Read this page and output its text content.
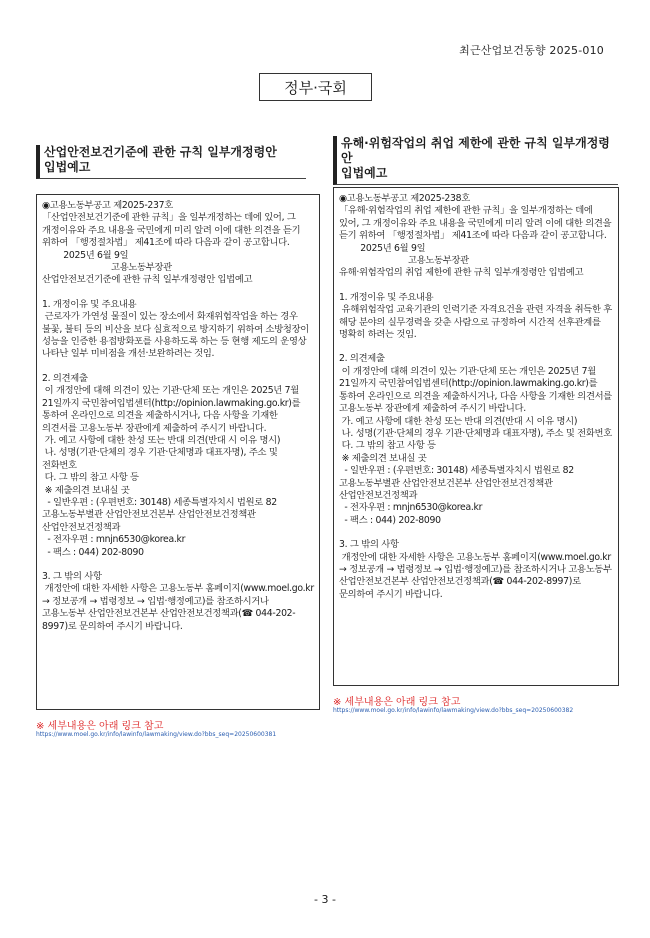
최근산업보건동향 2025-010
정부·국회
산업안전보건기준에 관한 규칙 일부개정령안
입법예고

◉고용노동부공고 제2025-237호

「산업안전보건기준에 관한 규칙」을 일부개정하는 데에 있어, 그 개정이유와 주요 내용을 국민에게 미리 알려 이에 대한 의견을 듣기 위하여 「행정절차법」 제41조에 따라 다음과 같이 공고합니다.

2025년 6월 9일

고용노동부장관

산업안전보건기준에 관한 규칙 일부개정령안 입법예고

1. 개정이유 및 주요내용

근로자가 가연성 물질이 있는 장소에서 화재위험작업을 하는 경우 불꽃, 불티 등의 비산을 보다 실효적으로 방지하기 위하여 소방청장이 성능을 인증한 용접방화포를 사용하도록 하는 등 현행 제도의 운영상 나타난 일부 미비점을 개선·보완하려는 것임.

2. 의견제출

이 개정안에 대해 의견이 있는 기관·단체 또는 개인은 2025년 7월 21일까지 국민참여입법센터(http://opinion.lawmaking.go.kr)를 통하여 온라인으로 의견을 제출하시거나, 다음 사항을 기재한 의견서를 고용노동부 장관에게 제출하여 주시기 바랍니다.

가. 예고 사항에 대한 찬성 또는 반대 의견(반대 시 이유 명시)

나. 성명(기관·단체의 경우 기관·단체명과 대표자명), 주소 및 전화번호

다. 그 밖의 참고 사항 등

※ 제출의견 보내실 곳

- 일반우편 : (우편번호: 30148) 세종특별자치시 법원로 82 고용노동부별관 산업안전보건본부 산업안전보건정책관 산업안전보건정책과

- 전자우편 : mnjn6530@korea.kr

- 팩스 : 044) 202-8090

3. 그 밖의 사항

개정안에 대한 자세한 사항은 고용노동부 홈페이지(www.moel.go.kr → 정보공개 → 법령정보 → 입법·행정예고)를 참조하시거나 고용노동부 산업안전보건본부 산업안전보건정책과(☎ 044-202-8997)로 문의하여 주시기 바랍니다.

※ 세부내용은 아래 링크 참고
https://www.moel.go.kr/info/lawinfo/lawmaking/view.do?bbs_seq=20250600381
유해·위험작업의 취업 제한에 관한 규칙 일부개정령안
입법예고

◉고용노동부공고 제2025-238호

「유해·위험작업의 취업 제한에 관한 규칙」을 일부개정하는 데에 있어, 그 개정이유와 주요 내용을 국민에게 미리 알려 이에 대한 의견을 듣기 위하여 「행정절차법」 제41조에 따라 다음과 같이 공고합니다.

2025년 6월 9일

고용노동부장관

유해·위험작업의 취업 제한에 관한 규칙 일부개정령안 입법예고

1. 개정이유 및 주요내용

유해위험작업 교육기관의 인력기준 자격요건을 관련 자격을 취득한 후 해당 분야의 실무경력을 갖춘 사람으로 규정하여 시간적 선후관계를 명확히 하려는 것임.

2. 의견제출

이 개정안에 대해 의견이 있는 기관·단체 또는 개인은 2025년 7월 21일까지 국민참여입법센터(http://opinion.lawmaking.go.kr)를 통하여 온라인으로 의견을 제출하시거나, 다음 사항을 기재한 의견서를 고용노동부 장관에게 제출하여 주시기 바랍니다.

가. 예고 사항에 대한 찬성 또는 반대 의견(반대 시 이유 명시)

나. 성명(기관·단체의 경우 기관·단체명과 대표자명), 주소 및 전화번호

다. 그 밖의 참고 사항 등

※ 제출의견 보내실 곳

- 일반우편 : (우편번호: 30148) 세종특별자치시 법원로 82 고용노동부별관 산업안전보건본부 산업안전보건정책관 산업안전보건정책과

- 전자우편 : mnjn6530@korea.kr

- 팩스 : 044) 202-8090

3. 그 밖의 사항

개정안에 대한 자세한 사항은 고용노동부 홈페이지(www.moel.go.kr → 정보공개 → 법령정보 → 입법·행정예고)를 참조하시거나 고용노동부 산업안전보건본부 산업안전보건정책과(☎ 044-202-8997)로 문의하여 주시기 바랍니다.

※ 세부내용은 아래 링크 참고
https://www.moel.go.kr/info/lawinfo/lawmaking/view.do?bbs_seq=20250600382
- 3 -
